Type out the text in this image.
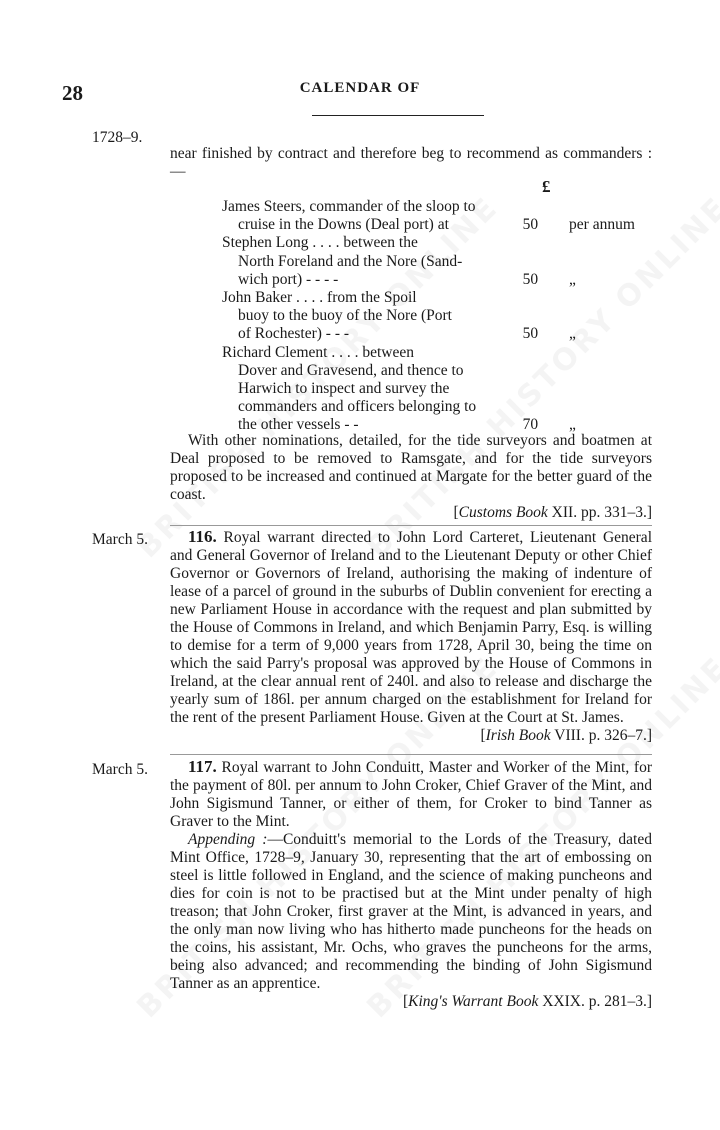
28	CALENDAR OF
1728–9.

near finished by contract and therefore beg to recommend as commanders :—

£
James Steers, commander of the sloop to
cruise in the Downs (Deal port) at	50	per annum
Stephen Long . . . . between the
North Foreland and the Nore (Sand-
wich port) - - - -	50	„
John Baker . . . . from the Spoil
buoy to the buoy of the Nore (Port
of Rochester) - - -	50	„
Richard Clement . . . . between
Dover and Gravesend, and thence to
Harwich to inspect and survey the
commanders and officers belonging to
the other vessels - -	70	„

With other nominations, detailed, for the tide surveyors and boatmen at Deal proposed to be removed to Ramsgate, and for the tide surveyors proposed to be increased and continued at Margate for the better guard of the coast.

[Customs Book XII. pp. 331–3.]

March 5.	116. Royal warrant directed to John Lord Carteret, Lieutenant General and General Governor of Ireland and to the Lieutenant Deputy or other Chief Governor or Governors of Ireland, authorising the making of indenture of lease of a parcel of ground in the suburbs of Dublin convenient for erecting a new Parliament House in accordance with the request and plan submitted by the House of Commons in Ireland, and which Benjamin Parry, Esq. is willing to demise for a term of 9,000 years from 1728, April 30, being the time on which the said Parry's proposal was approved by the House of Commons in Ireland, at the clear annual rent of 240l. and also to release and discharge the yearly sum of 186l. per annum charged on the establishment for Ireland for the rent of the present Parliament House. Given at the Court at St. James.

[Irish Book VIII. p. 326–7.]

March 5.	117. Royal warrant to John Conduitt, Master and Worker of the Mint, for the payment of 80l. per annum to John Croker, Chief Graver of the Mint, and John Sigismund Tanner, or either of them, for Croker to bind Tanner as Graver to the Mint.

Appending :—Conduitt's memorial to the Lords of the Treasury, dated Mint Office, 1728–9, January 30, representing that the art of embossing on steel is little followed in England, and the science of making puncheons and dies for coin is not to be practised but at the Mint under penalty of high treason; that John Croker, first graver at the Mint, is advanced in years, and the only man now living who has hitherto made puncheons for the heads on the coins, his assistant, Mr. Ochs, who graves the puncheons for the arms, being also advanced; and recommending the binding of John Sigismund Tanner as an apprentice.

[King's Warrant Book XXIX. p. 281–3.]
